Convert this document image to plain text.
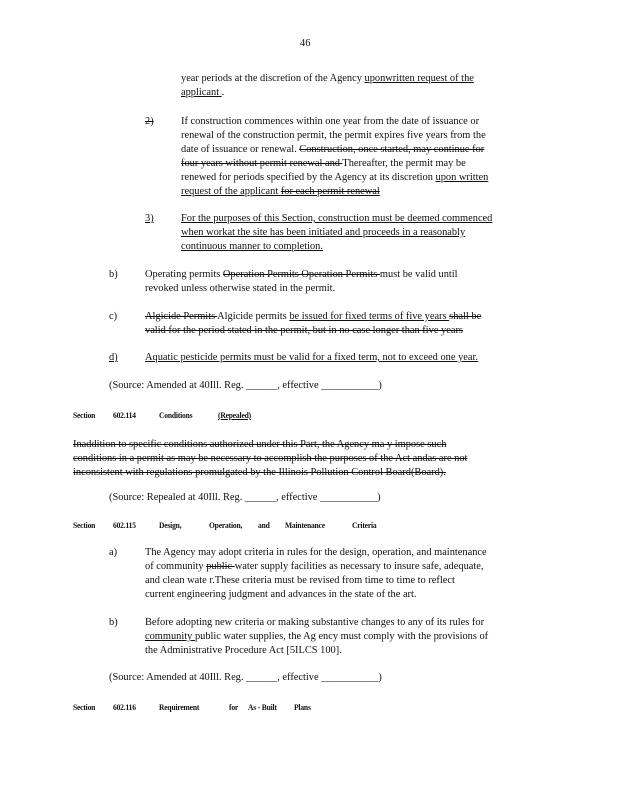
46
year periods at the discretion of the Agency uponwritten request of the
applicant .
2)	If construction commences within one year from the date of issuance or
renewal of the construction permit, the permit expires five years from the
date of issuance or renewal. Construction, once started, may continue for
four years without permit renewal and Thereafter, the permit may be
renewed for periods specified by the Agency at its discretion upon written
request of the applicant for each permit renewal
3)	For the purposes of this Section, construction must be deemed commenced
when workat the site has been initiated and proceeds in a reasonably
continuous manner to completion.
b)	Operating permits Operation Permits Operation Permits must be valid until
revoked unless otherwise stated in the permit.
c)	Algicide Permits Algicide permits be issued for fixed terms of five years shall be
valid for the period stated in the permit, but in no case longer than five years
d)	Aquatic pesticide permits must be valid for a fixed term, not to exceed one year.
(Source: Amended at 40Ill. Reg. ______, effective ___________)
Section 602.114	Conditions	(Repealed)
Inaddition to specific conditions authorized under this Part, the Agency ma y impose such
conditions in a permit as may be necessary to accomplish the purposes of the Act andas are not
inconsistent with regulations promulgated by the Illinois Pollution Control Board(Board).
(Source: Repealed at 40Ill. Reg. ______, effective ___________)
Section 602.115	Design,	Operation, and Maintenance	Criteria
a)	The Agency may adopt criteria in rules for the design, operation, and maintenance
of community public water supply facilities as necessary to insure safe, adequate,
and clean wate r.These criteria must be revised from time to time to reflect
current engineering judgment and advances in the state of the art.
b)	Before adopting new criteria or making substantive changes to any of its rules for
community public water supplies, the Ag ency must comply with the provisions of
the Administrative Procedure Act [5ILCS 100].
(Source: Amended at 40Ill. Reg. ______, effective ___________)
Section 602.116	Requirement	for As - Built Plans
